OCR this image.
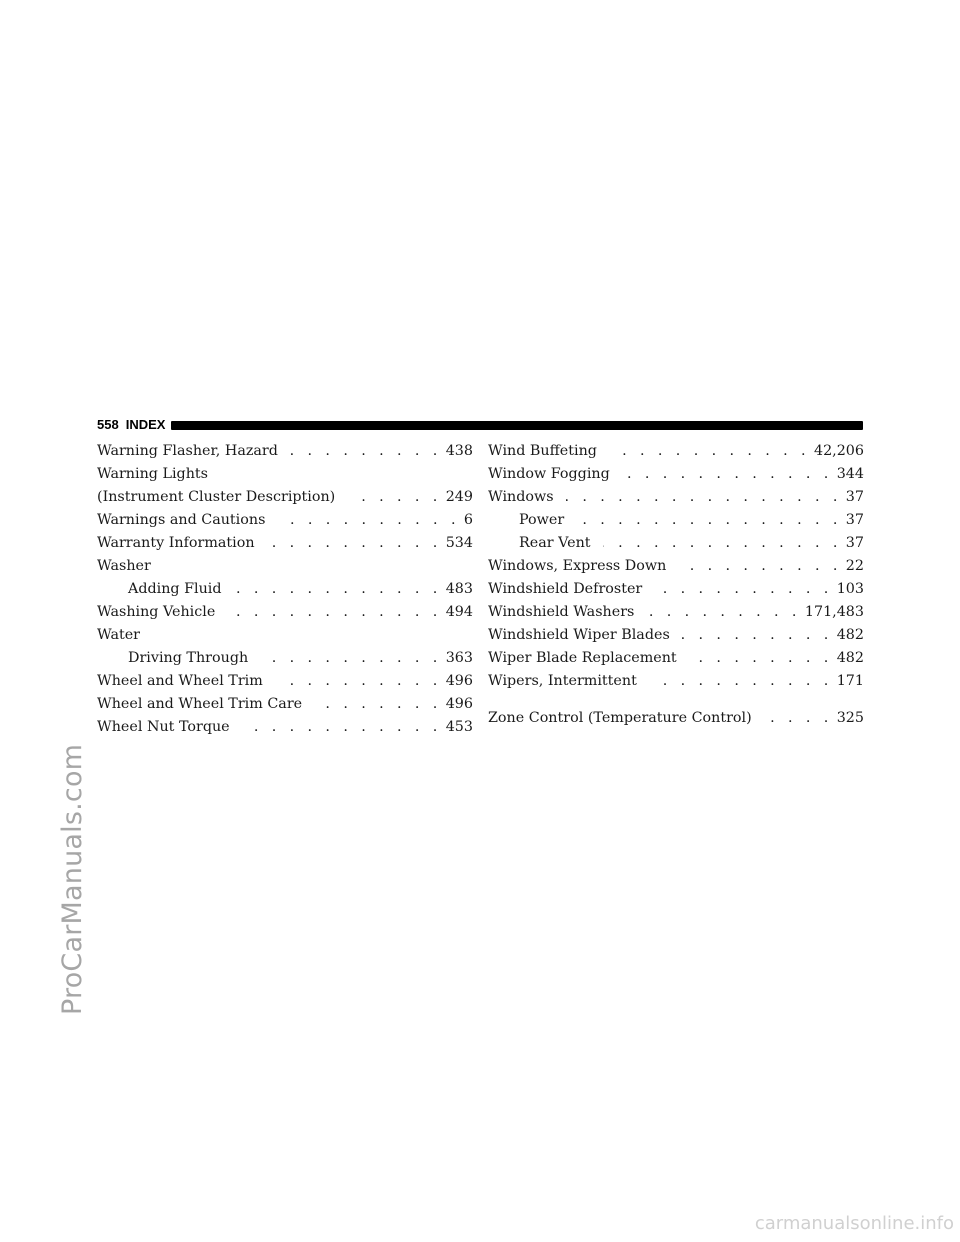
ProCarManuals.com
carmanualsonline.info
558 INDEX
Warning Flasher, Hazard . . .	438
Warning Lights
(Instrument Cluster Description) . . .	249
Warnings and Cautions . . .	6
Warranty Information . . .	534
Washer
Adding Fluid . . .	483
Washing Vehicle . . .	494
Water
Driving Through . . .	363
Wheel and Wheel Trim . . .	496
Wheel and Wheel Trim Care . . .	496
Wheel Nut Torque . . .	453
Wind Buffeting . . .	42,206
Window Fogging . . .	344
Windows . . .	37
Power . . .	37
Rear Vent . . .	37
Windows, Express Down . . .	22
Windshield Defroster . . .	103
Windshield Washers . . .	171,483
Windshield Wiper Blades . . .	482
Wiper Blade Replacement . . .	482
Wipers, Intermittent . . .	171
Zone Control (Temperature Control) . . .	325
